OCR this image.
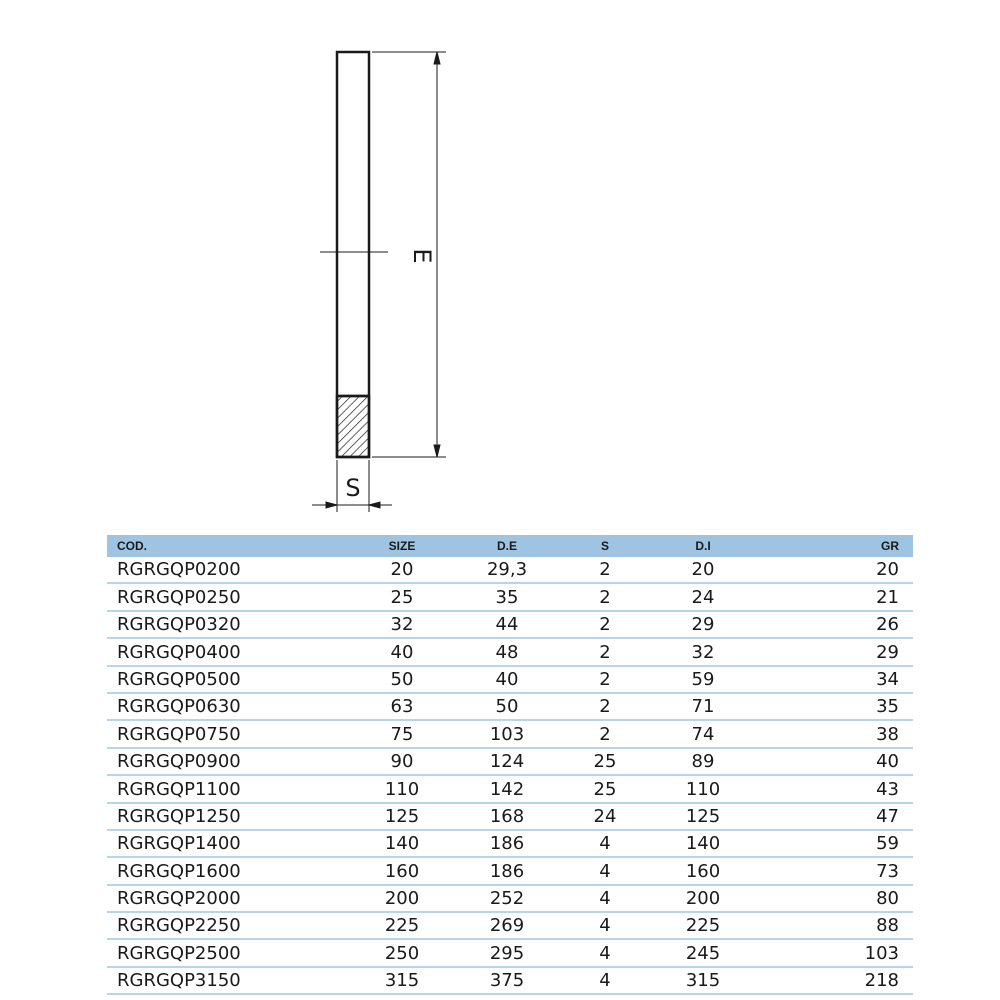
E
S
COD.	SIZE	D.E	S	D.I	GR
RGRGQP0200	20	29,3	2	20	20
RGRGQP0250	25	35	2	24	21
RGRGQP0320	32	44	2	29	26
RGRGQP0400	40	48	2	32	29
RGRGQP0500	50	40	2	59	34
RGRGQP0630	63	50	2	71	35
RGRGQP0750	75	103	2	74	38
RGRGQP0900	90	124	25	89	40
RGRGQP1100	110	142	25	110	43
RGRGQP1250	125	168	24	125	47
RGRGQP1400	140	186	4	140	59
RGRGQP1600	160	186	4	160	73
RGRGQP2000	200	252	4	200	80
RGRGQP2250	225	269	4	225	88
RGRGQP2500	250	295	4	245	103
RGRGQP3150	315	375	4	315	218
